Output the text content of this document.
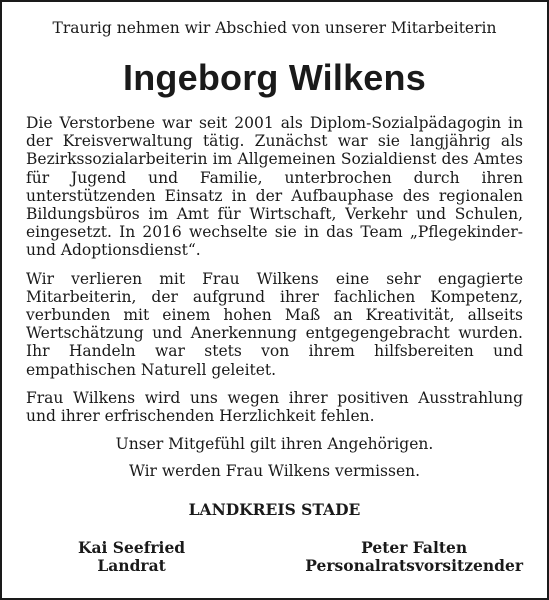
Traurig nehmen wir Abschied von unserer Mitarbeiterin

Ingeborg Wilkens

Die Verstorbene war seit 2001 als Diplom-Sozialpädagogin in der Kreisverwaltung tätig. Zunächst war sie langjährig als Bezirkssozialarbeiterin im Allgemeinen Sozialdienst des Amtes für Jugend und Familie, unterbrochen durch ihren unterstützenden Einsatz in der Aufbauphase des regionalen Bildungsbüros im Amt für Wirtschaft, Verkehr und Schulen, eingesetzt. In 2016 wechselte sie in das Team „Pflegekinder- und Adoptionsdienst“.

Wir verlieren mit Frau Wilkens eine sehr engagierte Mitarbeiterin, der aufgrund ihrer fachlichen Kompetenz, verbunden mit einem hohen Maß an Kreativität, allseits Wertschätzung und Anerkennung entgegengebracht wurden. Ihr Handeln war stets von ihrem hilfsbereiten und empathischen Naturell geleitet.

Frau Wilkens wird uns wegen ihrer positiven Ausstrahlung und ihrer erfrischenden Herzlichkeit fehlen.

Unser Mitgefühl gilt ihren Angehörigen.

Wir werden Frau Wilkens vermissen.

LANDKREIS STADE

Kai Seefried
Landrat
Peter Falten
Personalratsvorsitzender
